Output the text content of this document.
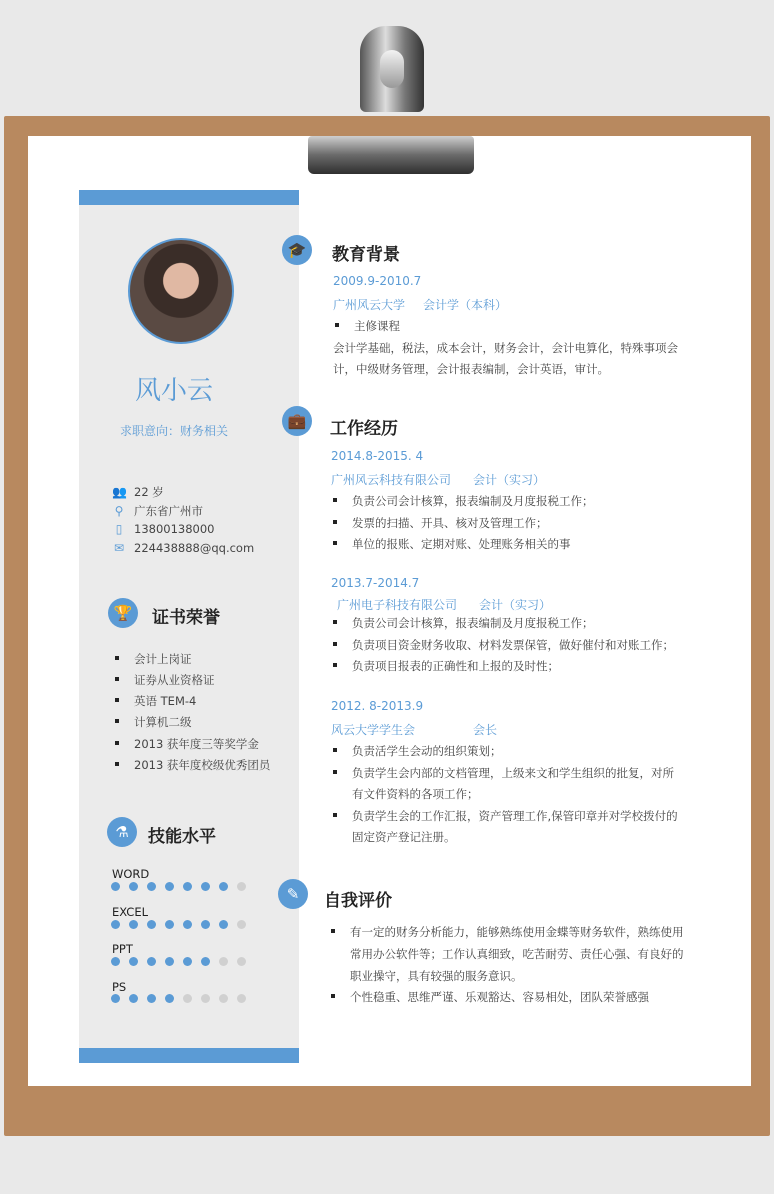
风小云
求职意向：财务相关
👥 22 岁
⚲ 广东省广州市
▯	13800138000
✉ 224438888@qq.com
🏆	证书荣誉
会计上岗证
证券从业资格证
英语 TEM-4
计算机二级
2013 获年度三等奖学金
2013 获年度校级优秀团员
⚗	技能水平
WORD
EXCEL
PPT
PS
🎓	教育背景
2009.9-2010.7
广州风云大学 会计学（本科）
主修课程
会计学基础，税法，成本会计，财务会计，会计电算化，特殊事项会
计，中级财务管理，会计报表编制，会计英语，审计。
💼	工作经历
2014.8-2015. 4
广州风云科技有限公司 会计（实习）
负责公司会计核算，报表编制及月度报税工作；
发票的扫描、开具、核对及管理工作；
单位的报账、定期对账、处理账务相关的事
2013.7-2014.7
广州电子科技有限公司 会计（实习）
负责公司会计核算，报表编制及月度报税工作；
负责项目资金财务收取、材料发票保管，做好催付和对账工作；
负责项目报表的正确性和上报的及时性；
2012. 8-2013.9
风云大学学生会	会长
负责活学生会动的组织策划；
负责学生会内部的文档管理，上级来文和学生组织的批复，对所
有文件资料的各项工作；
负责学生会的工作汇报，资产管理工作,保管印章并对学校拨付的
固定资产登记注册。
✎	自我评价
有一定的财务分析能力，能够熟练使用金蝶等财务软件，熟练使用
常用办公软件等；工作认真细致，吃苦耐劳、责任心强、有良好的
职业操守，具有较强的服务意识。
个性稳重、思维严谨、乐观豁达、容易相处，团队荣誉感强
